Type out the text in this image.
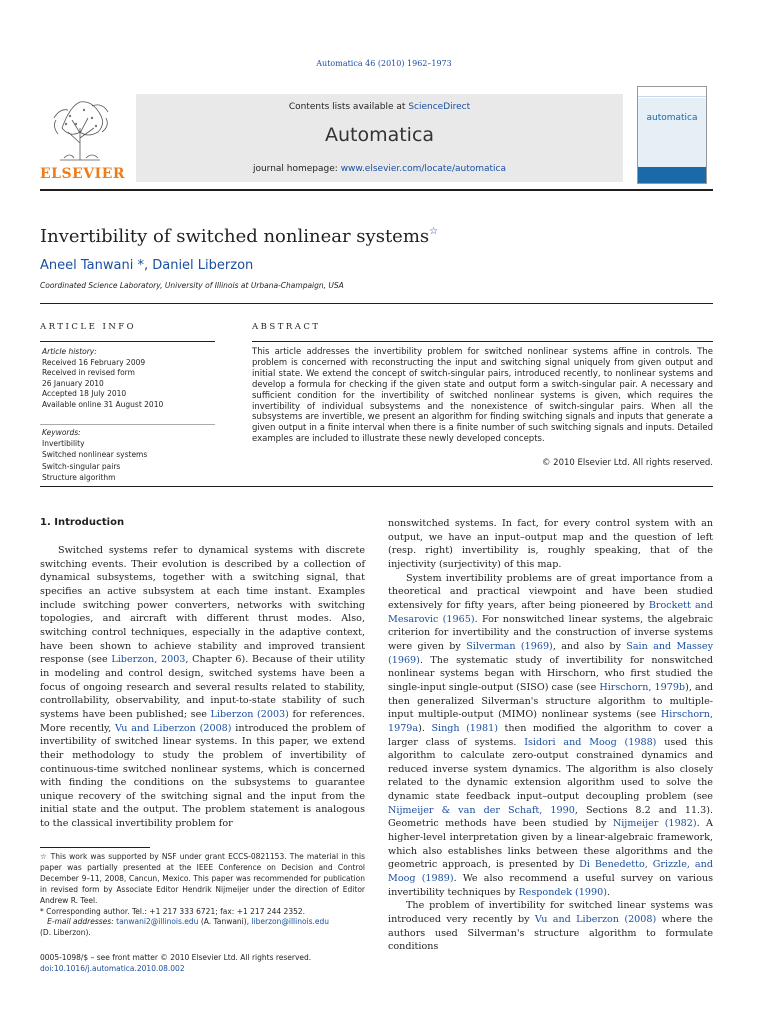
Automatica 46 (2010) 1962–1973
ELSEVIER
Contents lists available at ScienceDirect
Automatica
journal homepage: www.elsevier.com/locate/automatica
automatica
Invertibility of switched nonlinear systems☆
Aneel Tanwani *, Daniel Liberzon
Coordinated Science Laboratory, University of Illinois at Urbana-Champaign, USA
ARTICLE INFO	ABSTRACT
Article history:
Received 16 February 2009
Received in revised form
26 January 2010
Accepted 18 July 2010
Available online 31 August 2010
Keywords:
Invertibility
Switched nonlinear systems
Switch-singular pairs
Structure algorithm
This article addresses the invertibility problem for switched nonlinear systems affine in controls. The problem is concerned with reconstructing the input and switching signal uniquely from given output and initial state. We extend the concept of switch-singular pairs, introduced recently, to nonlinear systems and develop a formula for checking if the given state and output form a switch-singular pair. A necessary and sufficient condition for the invertibility of switched nonlinear systems is given, which requires the invertibility of individual subsystems and the nonexistence of switch-singular pairs. When all the subsystems are invertible, we present an algorithm for finding switching signals and inputs that generate a given output in a finite interval when there is a finite number of such switching signals and inputs. Detailed examples are included to illustrate these newly developed concepts.
© 2010 Elsevier Ltd. All rights reserved.
1. Introduction

Switched systems refer to dynamical systems with discrete switching events. Their evolution is described by a collection of dynamical subsystems, together with a switching signal, that specifies an active subsystem at each time instant. Examples include switching power converters, networks with switching topologies, and aircraft with different thrust modes. Also, switching control techniques, especially in the adaptive context, have been shown to achieve stability and improved transient response (see Liberzon, 2003, Chapter 6). Because of their utility in modeling and control design, switched systems have been a focus of ongoing research and several results related to stability, controllability, observability, and input-to-state stability of such systems have been published; see Liberzon (2003) for references. More recently, Vu and Liberzon (2008) introduced the problem of invertibility of switched linear systems. In this paper, we extend their methodology to study the problem of invertibility of continuous-time switched nonlinear systems, which is concerned with finding the conditions on the subsystems to guarantee unique recovery of the switching signal and the input from the initial state and the output. The problem statement is analogous to the classical invertibility problem for

nonswitched systems. In fact, for every control system with an output, we have an input–output map and the question of left (resp. right) invertibility is, roughly speaking, that of the injectivity (surjectivity) of this map.

System invertibility problems are of great importance from a theoretical and practical viewpoint and have been studied extensively for fifty years, after being pioneered by Brockett and Mesarovic (1965). For nonswitched linear systems, the algebraic criterion for invertibility and the construction of inverse systems were given by Silverman (1969), and also by Sain and Massey (1969). The systematic study of invertibility for nonswitched nonlinear systems began with Hirschorn, who first studied the single-input single-output (SISO) case (see Hirschorn, 1979b), and then generalized Silverman's structure algorithm to multiple-input multiple-output (MIMO) nonlinear systems (see Hirschorn, 1979a). Singh (1981) then modified the algorithm to cover a larger class of systems. Isidori and Moog (1988) used this algorithm to calculate zero-output constrained dynamics and reduced inverse system dynamics. The algorithm is also closely related to the dynamic extension algorithm used to solve the dynamic state feedback input–output decoupling problem (see Nijmeijer & van der Schaft, 1990, Sections 8.2 and 11.3). Geometric methods have been studied by Nijmeijer (1982). A higher-level interpretation given by a linear-algebraic framework, which also establishes links between these algorithms and the geometric approach, is presented by Di Benedetto, Grizzle, and Moog (1989). We also recommend a useful survey on various invertibility techniques by Respondek (1990).

The problem of invertibility for switched linear systems was introduced very recently by Vu and Liberzon (2008) where the authors used Silverman's structure algorithm to formulate conditions

☆ This work was supported by NSF under grant ECCS-0821153. The material in this paper was partially presented at the IEEE Conference on Decision and Control December 9–11, 2008, Cancun, Mexico. This paper was recommended for publication in revised form by Associate Editor Hendrik Nijmeijer under the direction of Editor Andrew R. Teel.

* Corresponding author. Tel.: +1 217 333 6721; fax: +1 217 244 2352.

E-mail addresses: tanwani2@illinois.edu (A. Tanwani), liberzon@illinois.edu
(D. Liberzon).

0005-1098/$ – see front matter © 2010 Elsevier Ltd. All rights reserved.
doi:10.1016/j.automatica.2010.08.002
